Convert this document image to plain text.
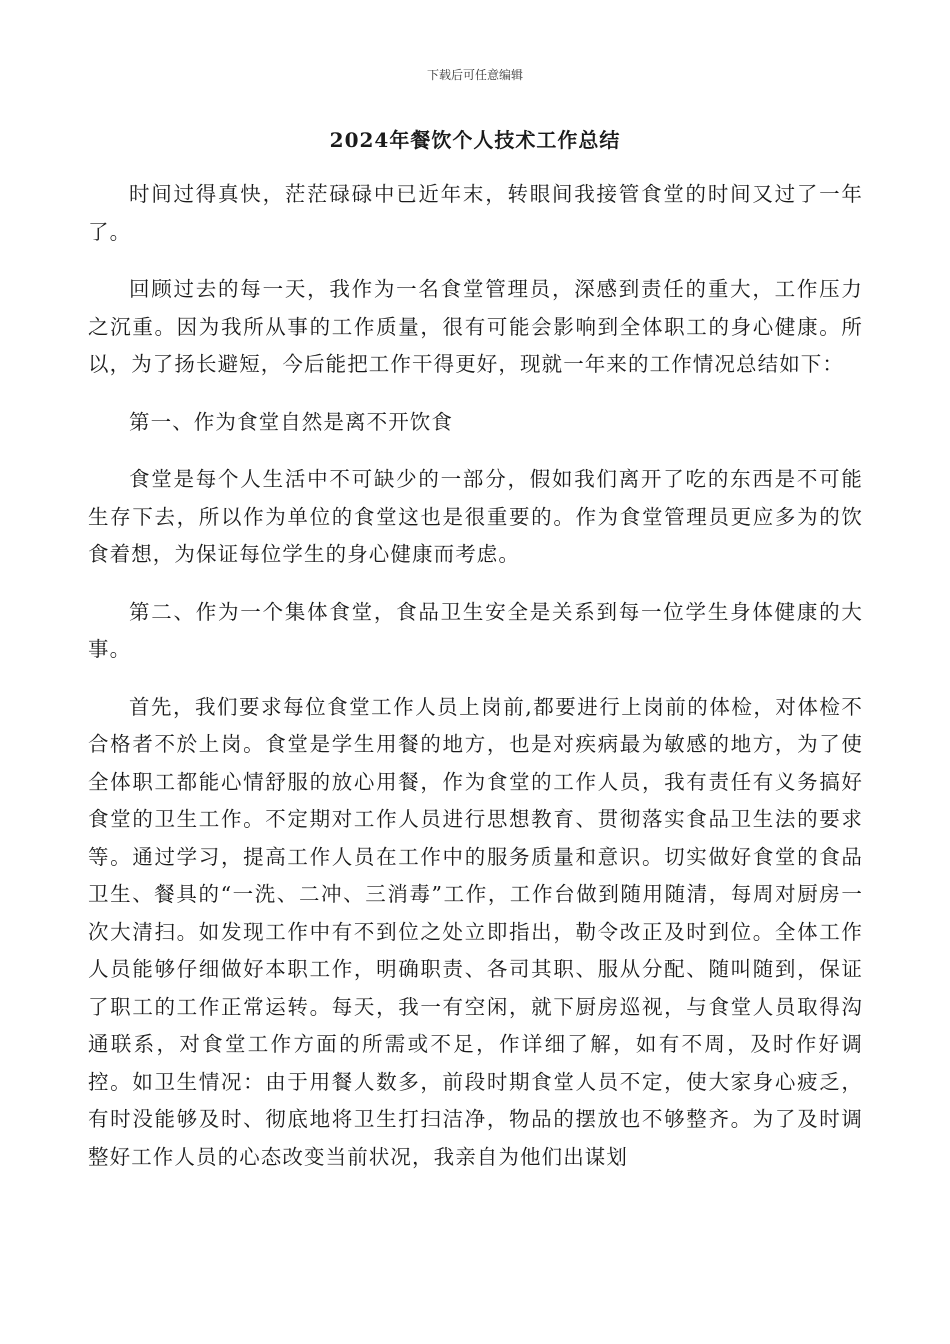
下载后可任意编辑
2024年餐饮个人技术工作总结

时间过得真快，茫茫碌碌中已近年末，转眼间我接管食堂的时间又过了一年了。

回顾过去的每一天，我作为一名食堂管理员，深感到责任的重大，工作压力之沉重。因为我所从事的工作质量，很有可能会影响到全体职工的身心健康。所以，为了扬长避短，今后能把工作干得更好，现就一年来的工作情况总结如下：

第一、作为食堂自然是离不开饮食

食堂是每个人生活中不可缺少的一部分，假如我们离开了吃的东西是不可能生存下去，所以作为单位的食堂这也是很重要的。作为食堂管理员更应多为的饮食着想，为保证每位学生的身心健康而考虑。

第二、作为一个集体食堂，食品卫生安全是关系到每一位学生身体健康的大事。

首先，我们要求每位食堂工作人员上岗前,都要进行上岗前的体检，对体检不合格者不於上岗。食堂是学生用餐的地方，也是对疾病最为敏感的地方，为了使全体职工都能心情舒服的放心用餐，作为食堂的工作人员，我有责任有义务搞好食堂的卫生工作。不定期对工作人员进行思想教育、贯彻落实食品卫生法的要求等。通过学习，提高工作人员在工作中的服务质量和意识。切实做好食堂的食品卫生、餐具的“一洗、二冲、三消毒”工作，工作台做到随用随清，每周对厨房一次大清扫。如发现工作中有不到位之处立即指出，勒令改正及时到位。全体工作人员能够仔细做好本职工作，明确职责、各司其职、服从分配、随叫随到，保证了职工的工作正常运转。每天，我一有空闲，就下厨房巡视，与食堂人员取得沟通联系，对食堂工作方面的所需或不足，作详细了解，如有不周，及时作好调控。如卫生情况：由于用餐人数多，前段时期食堂人员不定，使大家身心疲乏，有时没能够及时、彻底地将卫生打扫洁净，物品的摆放也不够整齐。为了及时调整好工作人员的心态改变当前状况，我亲自为他们出谋划
